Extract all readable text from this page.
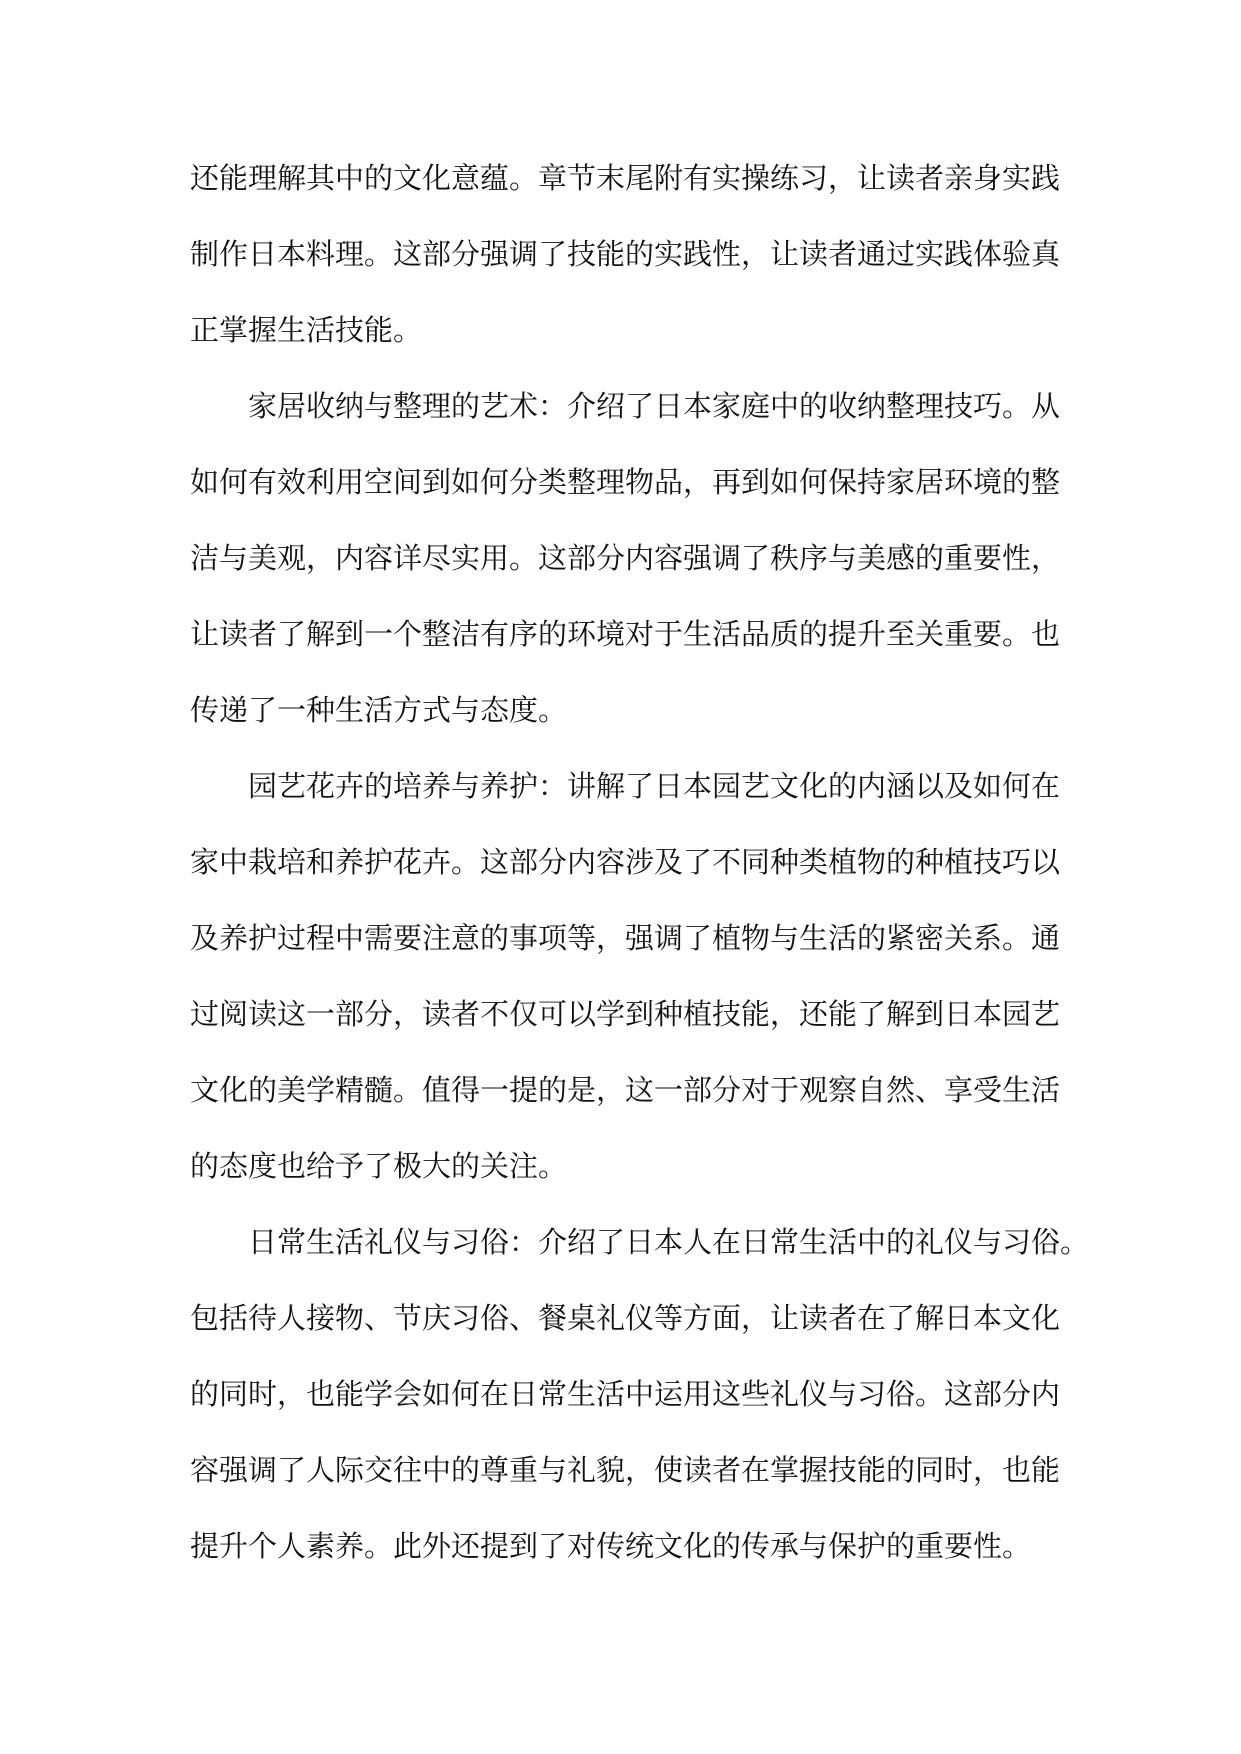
还能理解其中的文化意蕴。章节末尾附有实操练习，让读者亲身实践
制作日本料理。这部分强调了技能的实践性，让读者通过实践体验真
正掌握生活技能。
家居收纳与整理的艺术：介绍了日本家庭中的收纳整理技巧。从
如何有效利用空间到如何分类整理物品，再到如何保持家居环境的整
洁与美观，内容详尽实用。这部分内容强调了秩序与美感的重要性，
让读者了解到一个整洁有序的环境对于生活品质的提升至关重要。也
传递了一种生活方式与态度。
园艺花卉的培养与养护：讲解了日本园艺文化的内涵以及如何在
家中栽培和养护花卉。这部分内容涉及了不同种类植物的种植技巧以
及养护过程中需要注意的事项等，强调了植物与生活的紧密关系。通
过阅读这一部分，读者不仅可以学到种植技能，还能了解到日本园艺
文化的美学精髓。值得一提的是，这一部分对于观察自然、享受生活
的态度也给予了极大的关注。
日常生活礼仪与习俗：介绍了日本人在日常生活中的礼仪与习俗。
包括待人接物、节庆习俗、餐桌礼仪等方面，让读者在了解日本文化
的同时，也能学会如何在日常生活中运用这些礼仪与习俗。这部分内
容强调了人际交往中的尊重与礼貌，使读者在掌握技能的同时，也能
提升个人素养。此外还提到了对传统文化的传承与保护的重要性。
